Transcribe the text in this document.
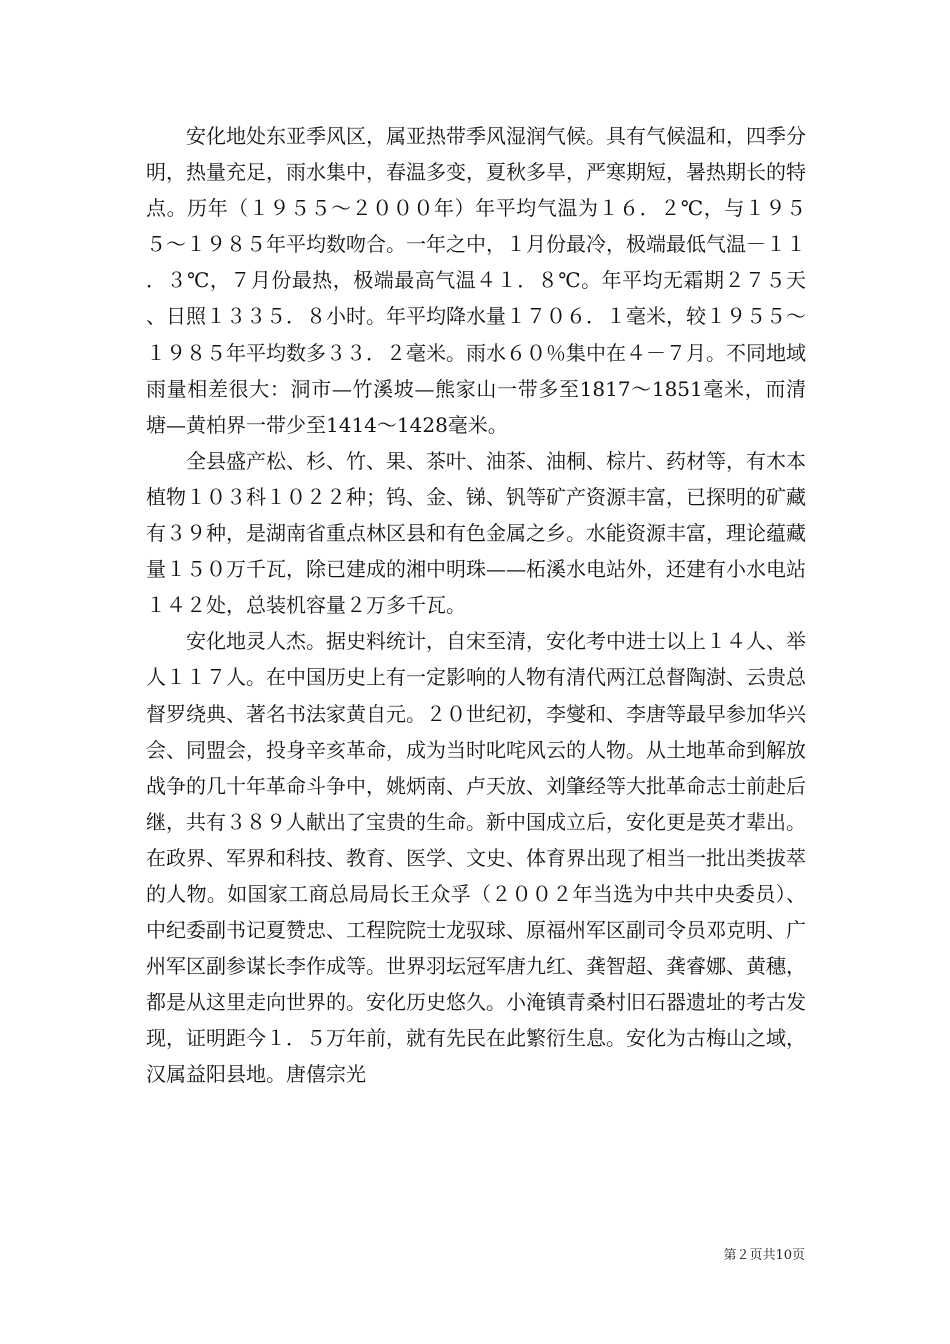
安化地处东亚季风区，属亚热带季风湿润气候。具有气候温和，四季分明，热量充足，雨水集中，春温多变，夏秋多旱，严寒期短，暑热期长的特点。历年（１９５５～２０００年）年平均气温为１６．２℃，与１９５５～１９８５年平均数吻合。一年之中，１月份最冷，极端最低气温－１１．３℃，７月份最热，极端最高气温４１．８℃。年平均无霜期２７５天、日照１３３５．８小时。年平均降水量１７０６．１毫米，较１９５５～１９８５年平均数多３３．２毫米。雨水６０％集中在４－７月。不同地域雨量相差很大：洞市—竹溪坡—熊家山一带多至1817～1851毫米，而清塘—黄柏界一带少至1414～1428毫米。

全县盛产松、杉、竹、果、茶叶、油茶、油桐、棕片、药材等，有木本植物１０３科１０２２种；钨、金、锑、钒等矿产资源丰富，已探明的矿藏有３９种，是湖南省重点林区县和有色金属之乡。水能资源丰富，理论蕴藏量１５０万千瓦，除已建成的湘中明珠——柘溪水电站外，还建有小水电站１４２处，总装机容量２万多千瓦。

安化地灵人杰。据史料统计，自宋至清，安化考中进士以上１４人、举人１１７人。在中国历史上有一定影响的人物有清代两江总督陶澍、云贵总督罗绕典、著名书法家黄自元。２０世纪初，李燮和、李唐等最早参加华兴会、同盟会，投身辛亥革命，成为当时叱咤风云的人物。从土地革命到解放战争的几十年革命斗争中，姚炳南、卢天放、刘肇经等大批革命志士前赴后继，共有３８９人献出了宝贵的生命。新中国成立后，安化更是英才辈出。在政界、军界和科技、教育、医学、文史、体育界出现了相当一批出类拔萃的人物。如国家工商总局局长王众孚（２００２年当选为中共中央委员）、中纪委副书记夏赞忠、工程院院士龙驭球、原福州军区副司令员邓克明、广州军区副参谋长李作成等。世界羽坛冠军唐九红、龚智超、龚睿娜、黄穗，都是从这里走向世界的。安化历史悠久。小淹镇青桑村旧石器遗址的考古发现，证明距今１．５万年前，就有先民在此繁衍生息。安化为古梅山之域，汉属益阳县地。唐僖宗光

第２页共10页
